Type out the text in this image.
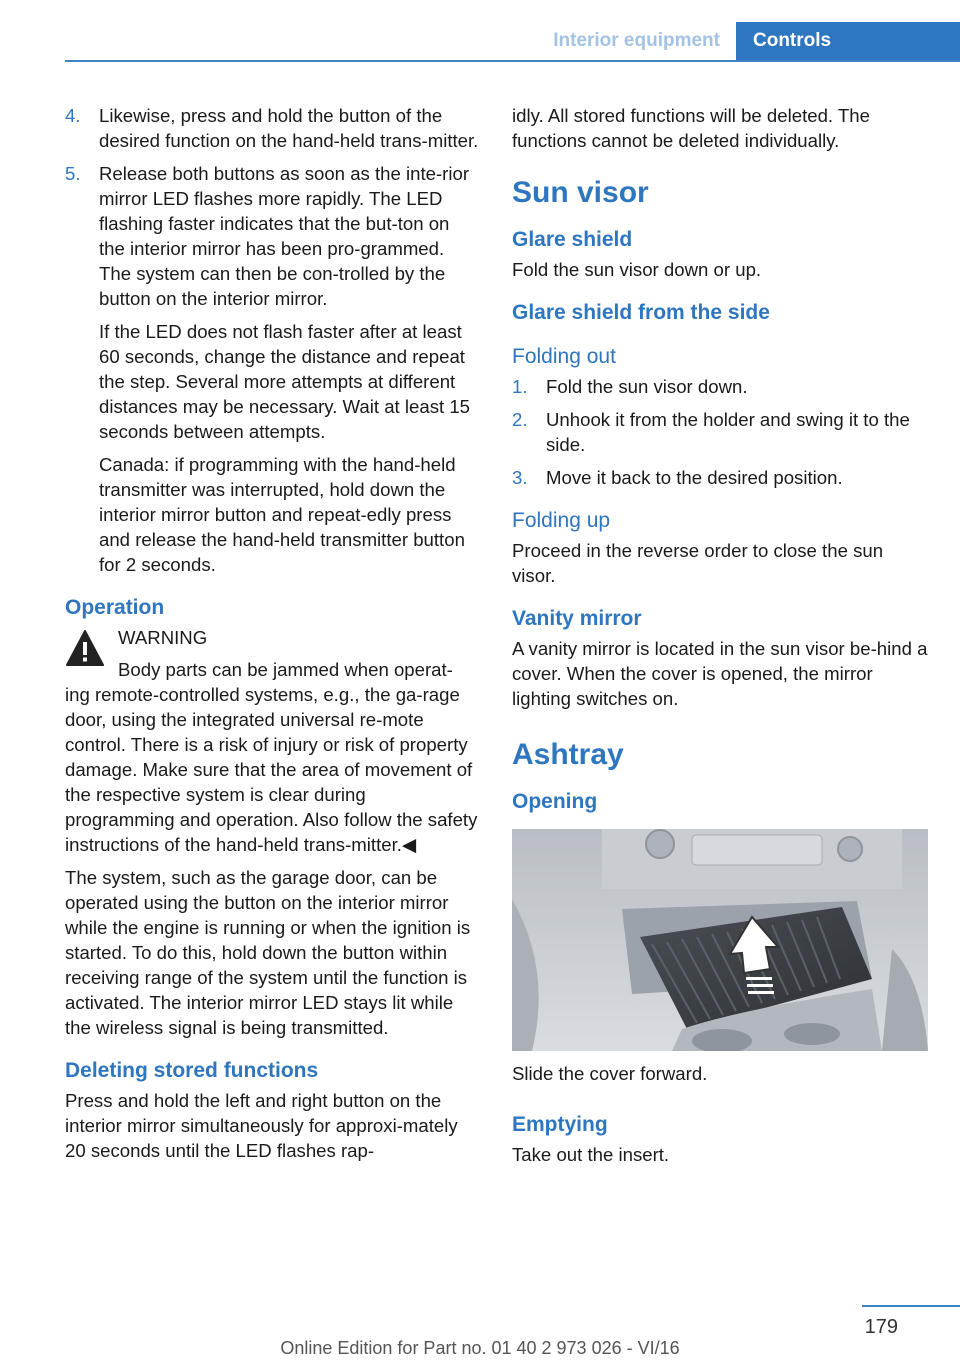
Interior equipment	Controls
4. Likewise, press and hold the button of the desired function on the hand-held trans-mitter.
5. Release both buttons as soon as the inte-rior mirror LED flashes more rapidly. The LED flashing faster indicates that the but-ton on the interior mirror has been pro-grammed. The system can then be con-trolled by the button on the interior mirror.

If the LED does not flash faster after at least 60 seconds, change the distance and repeat the step. Several more attempts at different distances may be necessary. Wait at least 15 seconds between attempts.

Canada: if programming with the hand-held transmitter was interrupted, hold down the interior mirror button and repeat-edly press and release the hand-held transmitter button for 2 seconds.

Operation
WARNING
Body parts can be jammed when operat-

ing remote-controlled systems, e.g., the ga-rage door, using the integrated universal re-mote control. There is a risk of injury or risk of property damage. Make sure that the area of movement of the respective system is clear during programming and operation. Also follow the safety instructions of the hand-held trans-mitter.◀

The system, such as the garage door, can be operated using the button on the interior mirror while the engine is running or when the ignition is started. To do this, hold down the button within receiving range of the system until the function is activated. The interior mirror LED stays lit while the wireless signal is being transmitted.

Deleting stored functions

Press and hold the left and right button on the interior mirror simultaneously for approxi-mately 20 seconds until the LED flashes rap-

idly. All stored functions will be deleted. The functions cannot be deleted individually.

Sun visor
Glare shield

Fold the sun visor down or up.

Glare shield from the side
Folding out
1. Fold the sun visor down.
2. Unhook it from the holder and swing it to the side.
3. Move it back to the desired position.
Folding up

Proceed in the reverse order to close the sun visor.

Vanity mirror

A vanity mirror is located in the sun visor be-hind a cover. When the cover is opened, the mirror lighting switches on.

Ashtray
Opening

Slide the cover forward.

Emptying

Take out the insert.

179
Online Edition for Part no. 01 40 2 973 026 - VI/16
